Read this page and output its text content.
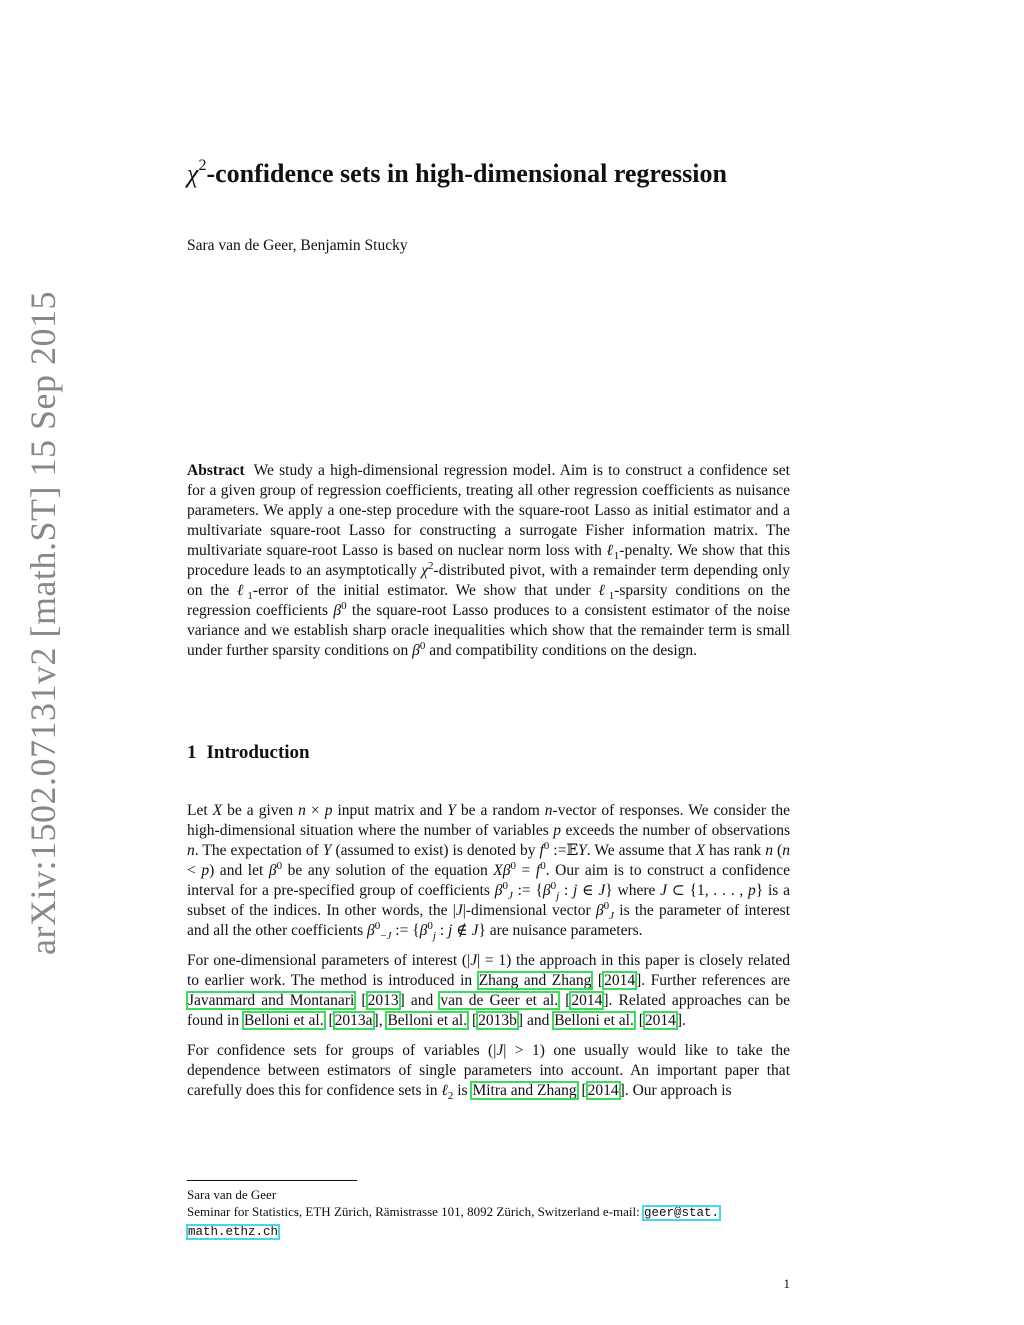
arXiv:1502.07131v2 [math.ST] 15 Sep 2015
$\chi^2$-confidence sets in high-dimensional regression
Sara van de Geer, Benjamin Stucky
Abstract We study a high-dimensional regression model. Aim is to construct a confidence set for a given group of regression coefficients, treating all other regression coefficients as nuisance parameters. We apply a one-step procedure with the square-root Lasso as initial estimator and a multivariate square-root Lasso for constructing a surrogate Fisher information matrix. The multivariate square-root Lasso is based on nuclear norm loss with ℓ$_1$-penalty. We show that this procedure leads to an asymptotically $\chi^2$-distributed pivot, with a remainder term depending only on the ℓ$_1$-error of the initial estimator. We show that under ℓ$_1$-sparsity conditions on the regression coefficients $\beta^0$ the square-root Lasso produces to a consistent estimator of the noise variance and we establish sharp oracle inequalities which show that the remainder term is small under further sparsity conditions on $\beta^0$ and compatibility conditions on the design.
1 Introduction

Let X be a given n × p input matrix and Y be a random n-vector of responses. We consider the high-dimensional situation where the number of variables p exceeds the number of observations n. The expectation of Y (assumed to exist) is denoted by $f^0$ :=𝔼Y. We assume that X has rank n (n < p) and let $\beta^0$ be any solution of the equation $X\beta^0 = f^0$. Our aim is to construct a confidence interval for a pre-specified group of coefficients $\beta^0_J$ := {$\beta^0_j$ : j ∈ J} where J ⊂ {1, . . . , p} is a subset of the indices. In other words, the |J|-dimensional vector $\beta^0_J$ is the parameter of interest and all the other coefficients $\beta^0_{-J}$ := {$\beta^0_j$ : j ∉ J} are nuisance parameters.

For one-dimensional parameters of interest (|J| = 1) the approach in this paper is closely related to earlier work. The method is introduced in Zhang and Zhang [2014]. Further references are Javanmard and Montanari [2013] and van de Geer et al. [2014]. Related approaches can be found in Belloni et al. [2013a], Belloni et al. [2013b] and Belloni et al. [2014].

For confidence sets for groups of variables (|J| > 1) one usually would like to take the dependence between estimators of single parameters into account. An important paper that carefully does this for confidence sets in ℓ$_2$ is Mitra and Zhang [2014]. Our approach is

Sara van de Geer

Seminar for Statistics, ETH Zürich, Rämistrasse 101, 8092 Zürich, Switzerland e-mail: geer@stat.
math.ethz.ch

1
